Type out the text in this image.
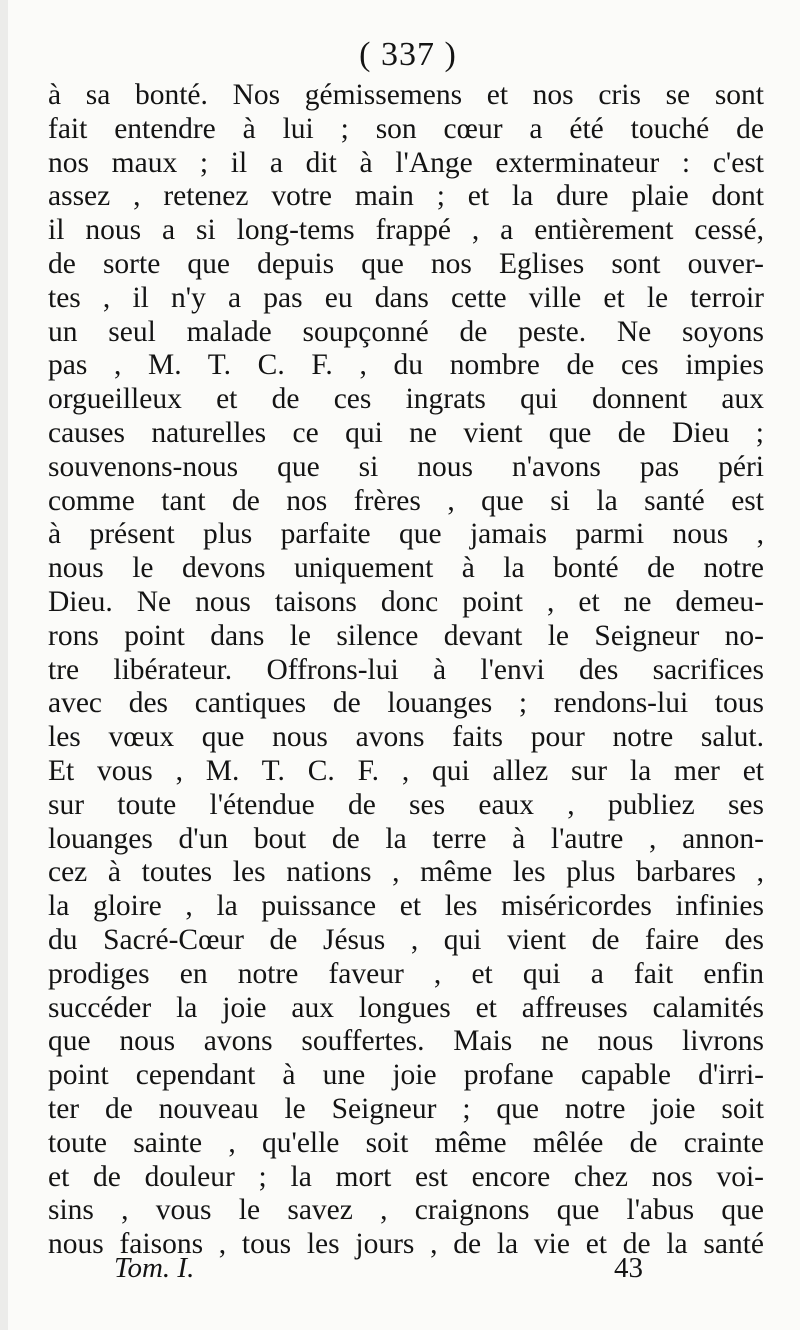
( 337 )
à sa bonté. Nos gémissemens et nos cris se sont
fait entendre à lui ; son cœur a été touché de
nos maux ; il a dit à l'Ange exterminateur : c'est
assez , retenez votre main ; et la dure plaie dont
il nous a si long-tems frappé , a entièrement cessé,
de sorte que depuis que nos Eglises sont ouver-
tes , il n'y a pas eu dans cette ville et le terroir
un seul malade soupçonné de peste. Ne soyons
pas , M. T. C. F. , du nombre de ces impies
orgueilleux et de ces ingrats qui donnent aux
causes naturelles ce qui ne vient que de Dieu ;
souvenons-nous que si nous n'avons pas péri
comme tant de nos frères , que si la santé est
à présent plus parfaite que jamais parmi nous ,
nous le devons uniquement à la bonté de notre
Dieu. Ne nous taisons donc point , et ne demeu-
rons point dans le silence devant le Seigneur no-
tre libérateur. Offrons-lui à l'envi des sacrifices
avec des cantiques de louanges ; rendons-lui tous
les vœux que nous avons faits pour notre salut.
Et vous , M. T. C. F. , qui allez sur la mer et
sur toute l'étendue de ses eaux , publiez ses
louanges d'un bout de la terre à l'autre , annon-
cez à toutes les nations , même les plus barbares ,
la gloire , la puissance et les miséricordes infinies
du Sacré-Cœur de Jésus , qui vient de faire des
prodiges en notre faveur , et qui a fait enfin
succéder la joie aux longues et affreuses calamités
que nous avons souffertes. Mais ne nous livrons
point cependant à une joie profane capable d'irri-
ter de nouveau le Seigneur ; que notre joie soit
toute sainte , qu'elle soit même mêlée de crainte
et de douleur ; la mort est encore chez nos voi-
sins , vous le savez , craignons que l'abus que
nous faisons , tous les jours , de la vie et de la santé
Tom. I.	43
